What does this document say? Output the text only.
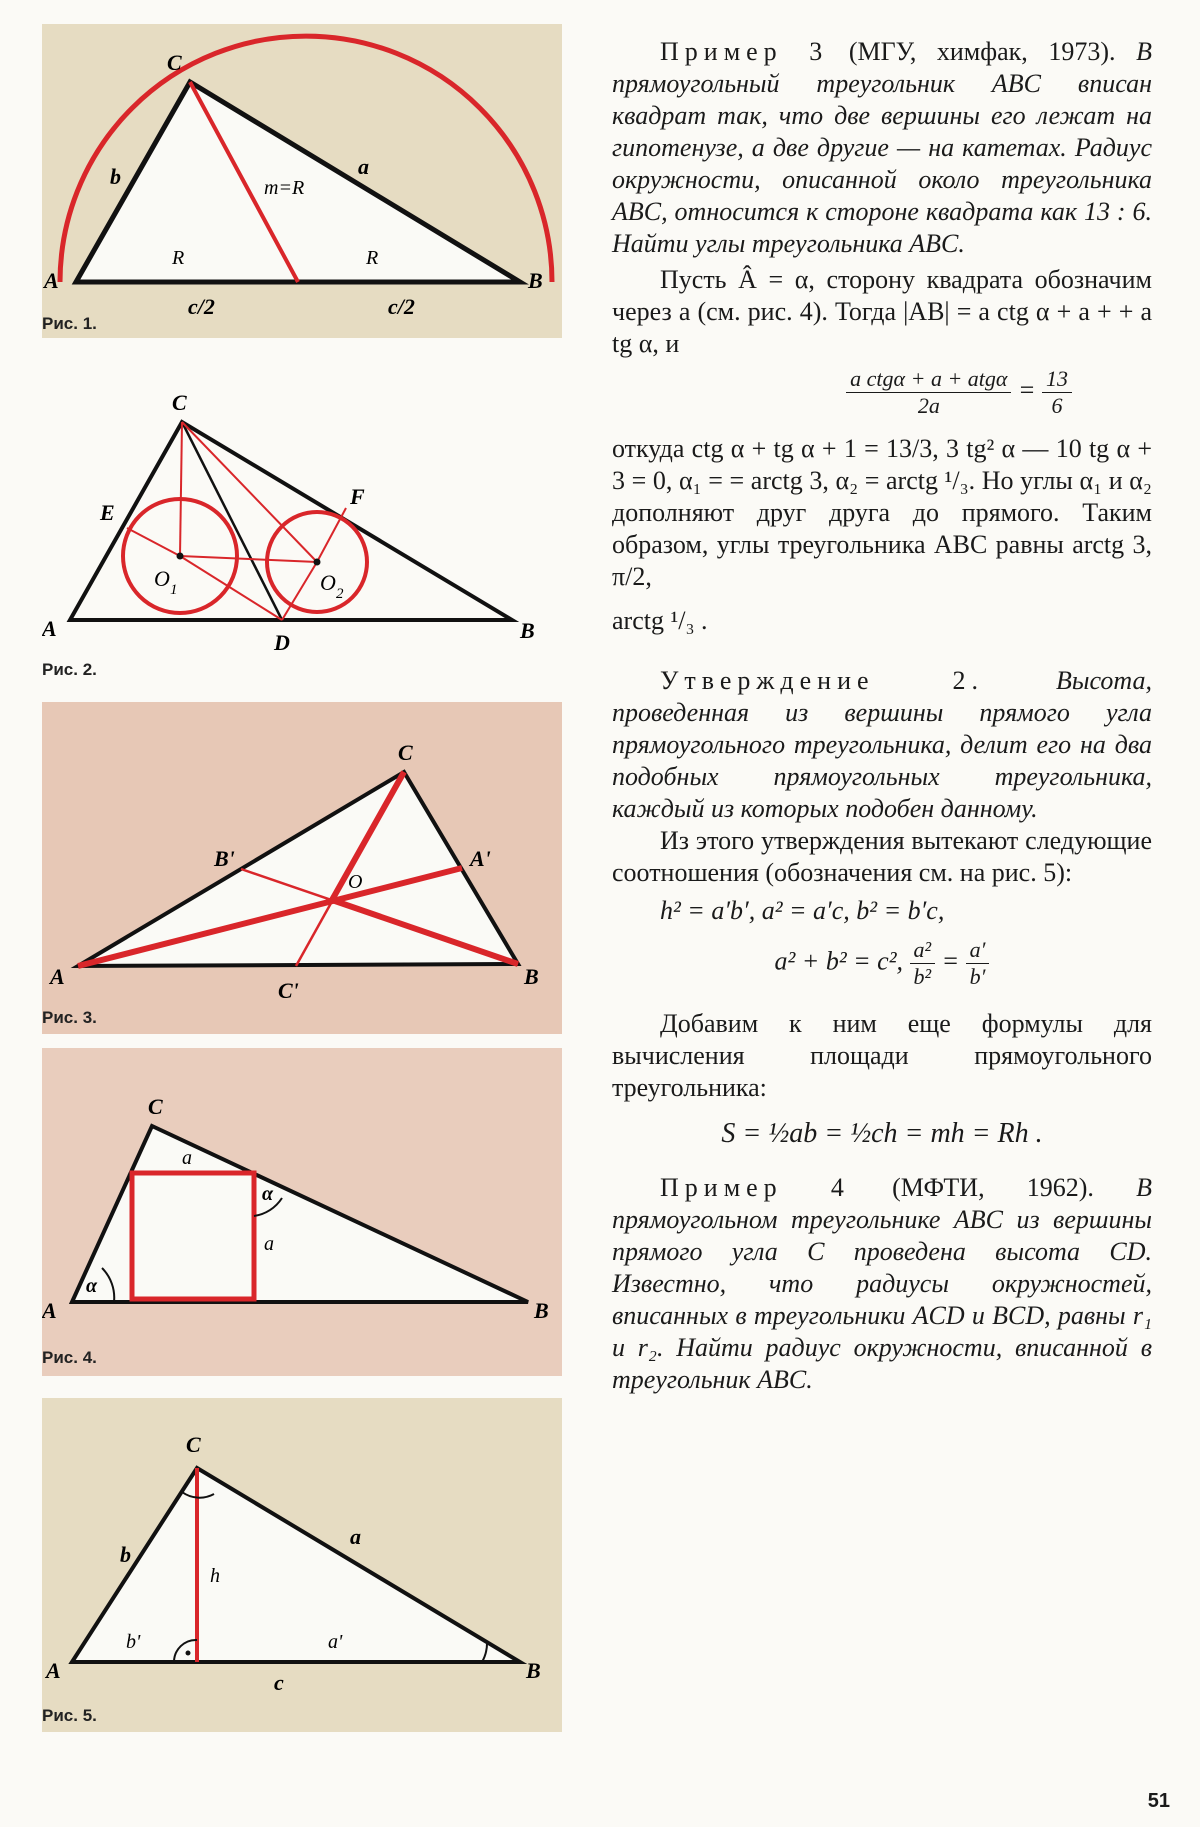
C
A	B
b	a
m=R
R	R
c/2	c/2
Рис. 1.
C
A	B
D
E
F
O 1	O 2
Рис. 2.
C
A	B
B'	A'
C'
O
Рис. 3.
C
A	B
a
a
α
α
Рис. 4.
C
A	B
b
a
h
b'	a'
c
Рис. 5.

Пример 3 (МГУ, химфак, 1973). В прямоугольный треугольник ABC вписан квадрат так, что две вершины его лежат на гипотенузе, а две другие — на катетах. Радиус окружности, описанной около треугольника ABC, относится к стороне квадрата как 13 : 6. Найти углы треугольника ABC.

Пусть Â = α, сторону квадрата обозначим через a (см. рис. 4). Тогда |AB| = a ctg α + a + + a tg α, и

$\frac{\text{a ctgα + a + atgα}}{2a} = \frac{13}{6}$

откуда ctg α + tg α + 1 = 13/3, 3 tg² α — 10 tg α + 3 = 0, α₁ = = arctg 3, α₂ = arctg ¹/₃. Но углы α₁ и α₂ дополняют друг друга до прямого. Таким образом, углы треугольника ABC равны arctg 3, π/2,

arctg ¹/₃ .

Утверждение 2.	Высота, проведенная из вершины прямого угла прямоугольного треугольника, делит его на два подобных прямоугольных треугольника, каждый из которых подобен данному.

Из этого утверждения вытекают следующие соотношения (обозначения см. на рис. 5):

h² = a′b′, a² = a′c, b² = b′c,
a² + b² = c², $\frac{\text{a²}}{\text{b²}} = \frac{a'}{b'}$

Добавим к ним еще формулы для вычисления площади прямоугольного треугольника:

S = ½ab = ½ch = mh = Rh .

Пример 4 (МФТИ, 1962). В прямоугольном треугольнике ABC из вершины прямого угла C проведена высота CD. Известно, что радиусы окружностей, вписанных в треугольники ACD и BCD, равны r₁ и r₂. Найти радиус окружности, вписанной в треугольник ABC.

51
